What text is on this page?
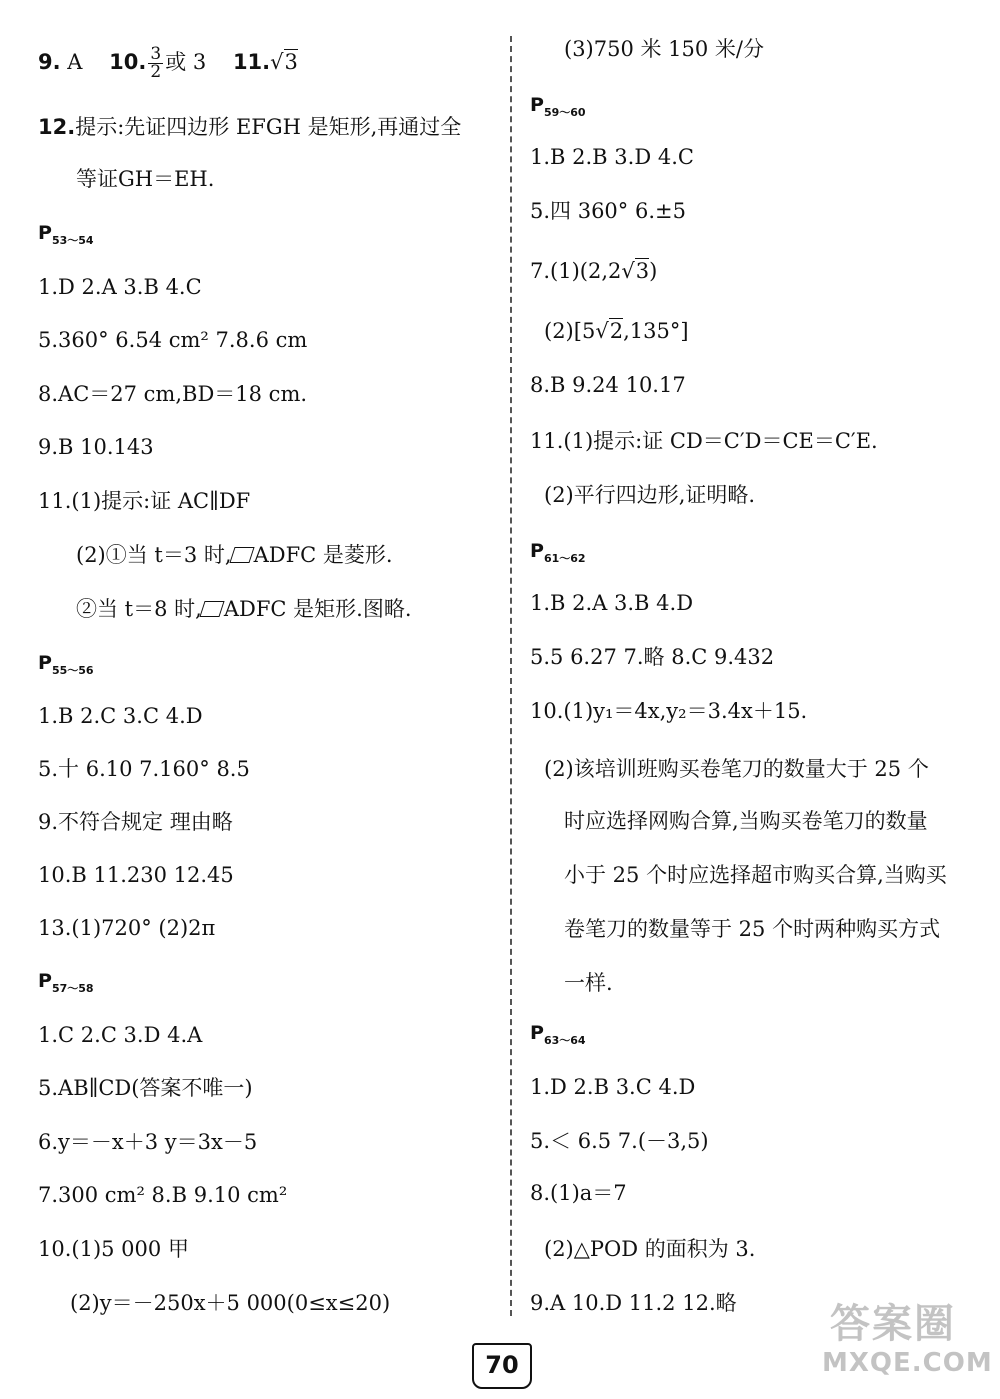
9. A 10. $\frac{3}{2}$ 或 3 11.√3
12.提示:先证四边形 EFGH 是矩形,再通过全
等证GH＝EH.
$P_{53\sim 54}$
1.D 2.A 3.B 4.C
5.360° 6.54 cm² 7.8.6 cm
8.AC＝27 cm,BD＝18 cm.
9.B 10.143
11.(1)提示:证 AC∥DF
(2)①当 t＝3 时, ADFC 是菱形.
②当 t＝8 时, ADFC 是矩形.图略.
$P_{55\sim 56}$
1.B 2.C 3.C 4.D
5.十 6.10 7.160° 8.5
9.不符合规定 理由略
10.B 11.230 12.45
13.(1)720° (2)2π
$P_{57\sim 58}$
1.C 2.C 3.D 4.A
5.AB∥CD(答案不唯一)
6.y＝－x＋3 y＝3x－5
7.300 cm² 8.B 9.10 cm²
10.(1)5 000 甲
(2)y＝－250x＋5 000(0≤x≤20)
(3)750 米 150 米/分
$P_{59\sim 60}$
1.B 2.B 3.D 4.C
5.四 360° 6.±5
7.(1)(2,2√3)
(2)[5√2,135°]
8.B 9.24 10.17
11.(1)提示:证 CD＝C′D＝CE＝C′E.
(2)平行四边形,证明略.
$P_{61\sim 62}$
1.B 2.A 3.B 4.D
5.5 6.27 7.略 8.C 9.432
10.(1)y₁＝4x,y₂＝3.4x＋15.
(2)该培训班购买卷笔刀的数量大于 25 个
时应选择网购合算,当购买卷笔刀的数量
小于 25 个时应选择超市购买合算,当购买
卷笔刀的数量等于 25 个时两种购买方式
一样.
$P_{63\sim 64}$
1.D 2.B 3.C 4.D
5.＜ 6.5 7.(－3,5)
8.(1)a＝7
(2)△POD 的面积为 3.
9.A 10.D 11.2 12.略
70
答案圈
MXQE.COM
